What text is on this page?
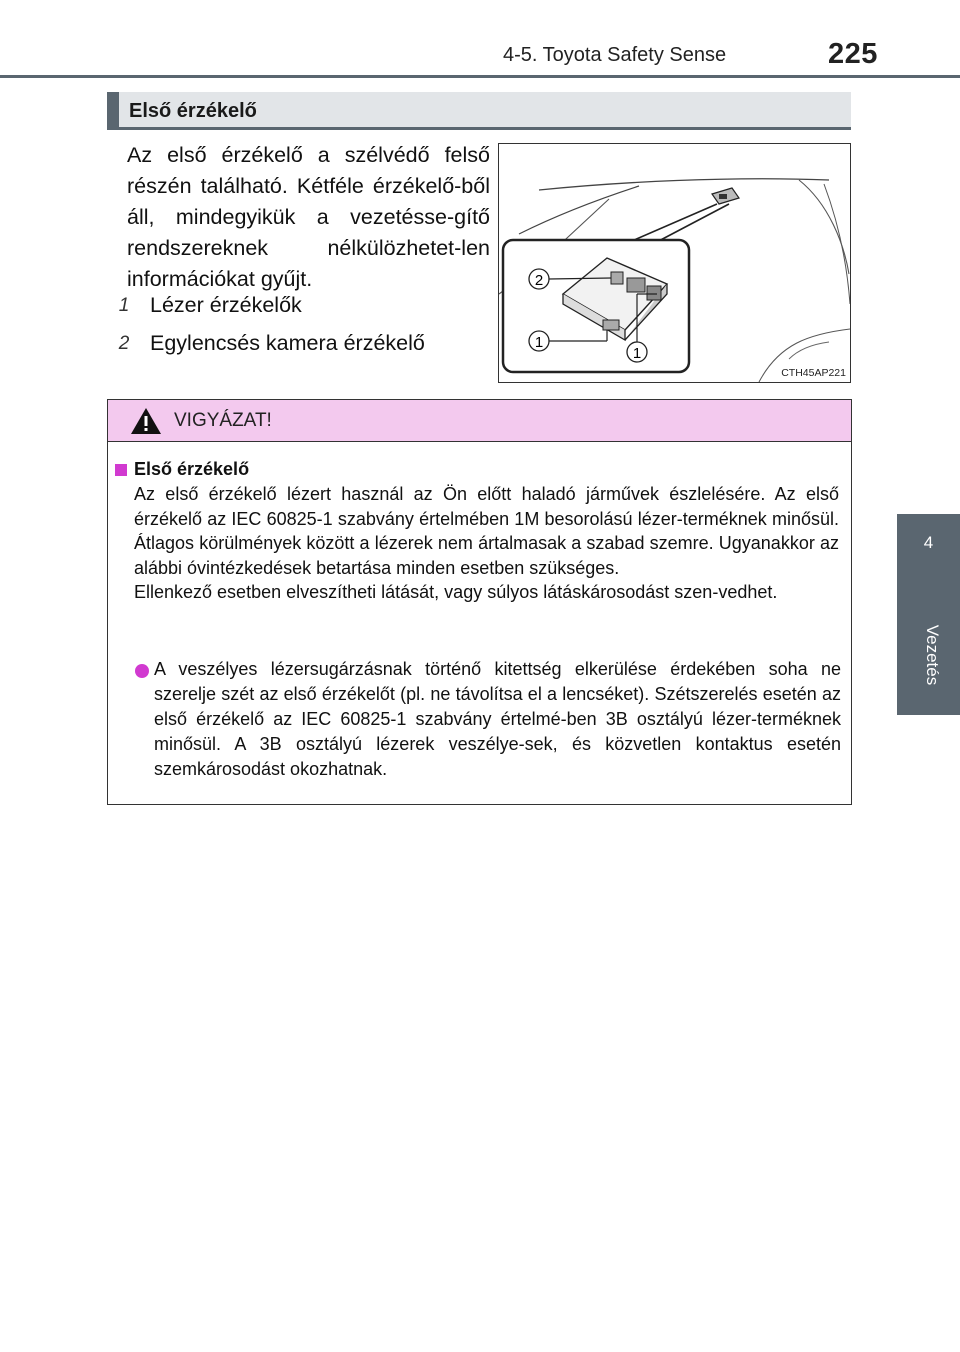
4-5. Toyota Safety Sense	225
4
Vezetés
Első érzékelő
Az első érzékelő a szélvédő felső részén található. Kétféle érzékelő-ből áll, mindegyikük a vezetésse-gítő rendszereknek nélkülözhetet-len információkat gyűjt.
1 Lézer érzékelők
2 Egylencsés kamera érzékelő
2
1
1
CTH45AP221
VIGYÁZAT!
Első érzékelő

Az első érzékelő lézert használ az Ön előtt haladó járművek észlelésére. Az első érzékelő az IEC 60825-1 szabvány értelmében 1M besorolású lézer-terméknek minősül. Átlagos körülmények között a lézerek nem ártalmasak a szabad szemre. Ugyanakkor az alábbi óvintézkedések betartása minden esetben szükséges.

Ellenkező esetben elveszítheti látását, vagy súlyos látáskárosodást szen-vedhet.

A veszélyes lézersugárzásnak történő kitettség elkerülése érdekében soha ne szerelje szét az első érzékelőt (pl. ne távolítsa el a lencséket). Szétszerelés esetén az első érzékelő az IEC 60825-1 szabvány értelmé-ben 3B osztályú lézer-terméknek minősül. A 3B osztályú lézerek veszélye-sek, és közvetlen kontaktus esetén szemkárosodást okozhatnak.
